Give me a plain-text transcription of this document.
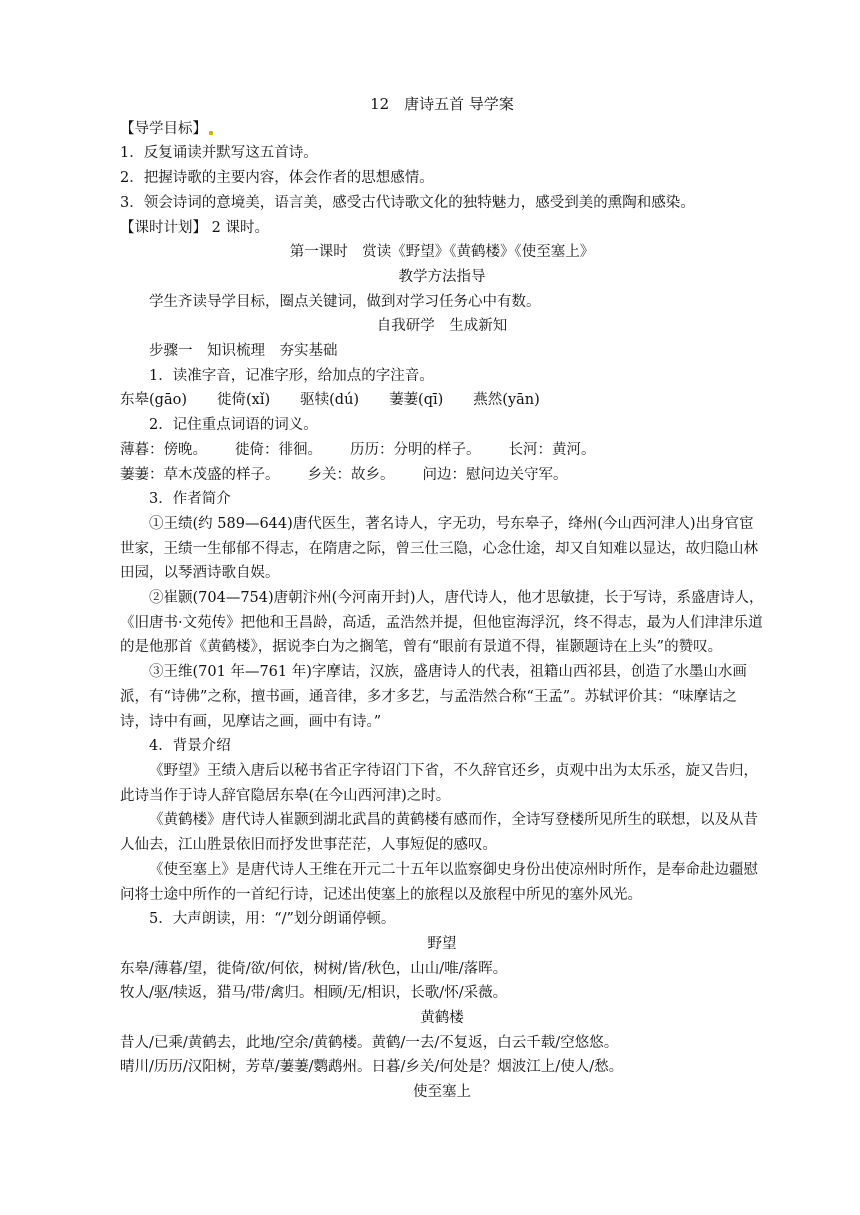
12　唐诗五首 导学案

【导学目标】

1．反复诵读并默写这五首诗。

2．把握诗歌的主要内容，体会作者的思想感情。

3．领会诗词的意境美，语言美，感受古代诗歌文化的独特魅力，感受到美的熏陶和感染。

【课时计划】 2 课时。

第一课时　赏读《野望》《黄鹤楼》《使至塞上》

教学方法指导

学生齐读导学目标，圈点关键词，做到对学习任务心中有数。

自我研学　生成新知

步骤一　知识梳理　夯实基础

1．读准字音，记准字形，给加点的字注音。

东皋(gāo) 徙倚(xǐ) 驱犊(dú) 萋萋(qī) 燕然(yān)

2．记住重点词语的词义。

薄暮：傍晚。 徙倚：徘徊。 历历：分明的样子。 长河：黄河。
萋萋：草木茂盛的样子。 乡关：故乡。 问边：慰问边关守军。

3．作者简介

①王绩(约 589—644)唐代医生，著名诗人，字无功，号东皋子，绛州(今山西河津人)出身官宦世家，王绩一生郁郁不得志，在隋唐之际，曾三仕三隐，心念仕途，却又自知难以显达，故归隐山林田园，以琴酒诗歌自娱。

②崔颢(704—754)唐朝汴州(今河南开封)人，唐代诗人，他才思敏捷，长于写诗，系盛唐诗人，《旧唐书·文苑传》把他和王昌龄，高适，孟浩然并提，但他宦海浮沉，终不得志，最为人们津津乐道的是他那首《黄鹤楼》，据说李白为之搁笔，曾有“眼前有景道不得，崔颢题诗在上头”的赞叹。

③王维(701 年—761 年)字摩诘，汉族，盛唐诗人的代表，祖籍山西祁县，创造了水墨山水画派，有“诗佛”之称，擅书画，通音律，多才多艺，与孟浩然合称“王孟”。苏轼评价其：“味摩诘之诗，诗中有画，见摩诘之画，画中有诗。”

4．背景介绍

《野望》王绩入唐后以秘书省正字待诏门下省，不久辞官还乡，贞观中出为太乐丞，旋又告归，此诗当作于诗人辞官隐居东皋(在今山西河津)之时。

《黄鹤楼》唐代诗人崔颢到湖北武昌的黄鹤楼有感而作，全诗写登楼所见所生的联想，以及从昔人仙去，江山胜景依旧而抒发世事茫茫，人事短促的感叹。

《使至塞上》是唐代诗人王维在开元二十五年以监察御史身份出使凉州时所作，是奉命赴边疆慰问将士途中所作的一首纪行诗，记述出使塞上的旅程以及旅程中所见的塞外风光。

5．大声朗读，用：“/”划分朗诵停顿。

野望

东皋/薄暮/望，徙倚/欲/何依，树树/皆/秋色，山山/唯/落晖。

牧人/驱/犊返，猎马/带/禽归。相顾/无/相识，长歌/怀/采薇。

黄鹤楼

昔人/已乘/黄鹤去，此地/空余/黄鹤楼。黄鹤/一去/不复返，白云千载/空悠悠。

晴川/历历/汉阳树，芳草/萋萋/鹦鹉州。日暮/乡关/何处是？烟波江上/使人/愁。

使至塞上
